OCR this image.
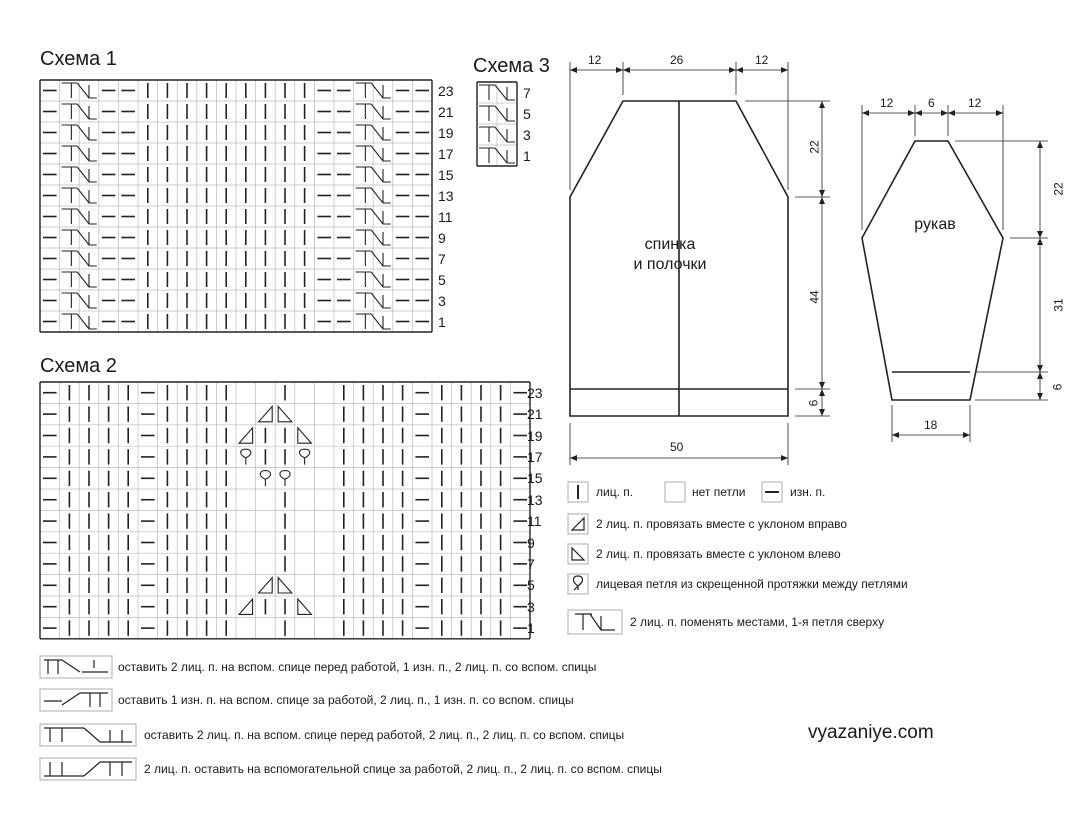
Схема 1	Схема 3
Схема 2
23
21
19
17
15
13
11
9
7
5
3
1
23
21
19
17
15
13
11
9
7
5
3
1
7
5
3
1
12	26	12
22
44
6
50
12	6	12
22
31
6
18
спинка
и полочки
рукав
лиц. п.	нет петли	изн. п.
2 лиц. п. провязать вместе с уклоном вправо
2 лиц. п. провязать вместе с уклоном влево
лицевая петля из скрещенной протяжки между петлями
2 лиц. п. поменять местами, 1-я петля сверху
оставить 2 лиц. п. на вспом. спице перед работой, 1 изн. п., 2 лиц. п. со вспом. спицы
оставить 1 изн. п. на вспом. спице за работой, 2 лиц. п., 1 изн. п. со вспом. спицы
оставить 2 лиц. п. на вспом. спице перед работой, 2 лиц. п., 2 лиц. п. со вспом. спицы
2 лиц. п. оставить на вспомогательной спице за работой, 2 лиц. п., 2 лиц. п. со вспом. спицы
vyazaniye.com
